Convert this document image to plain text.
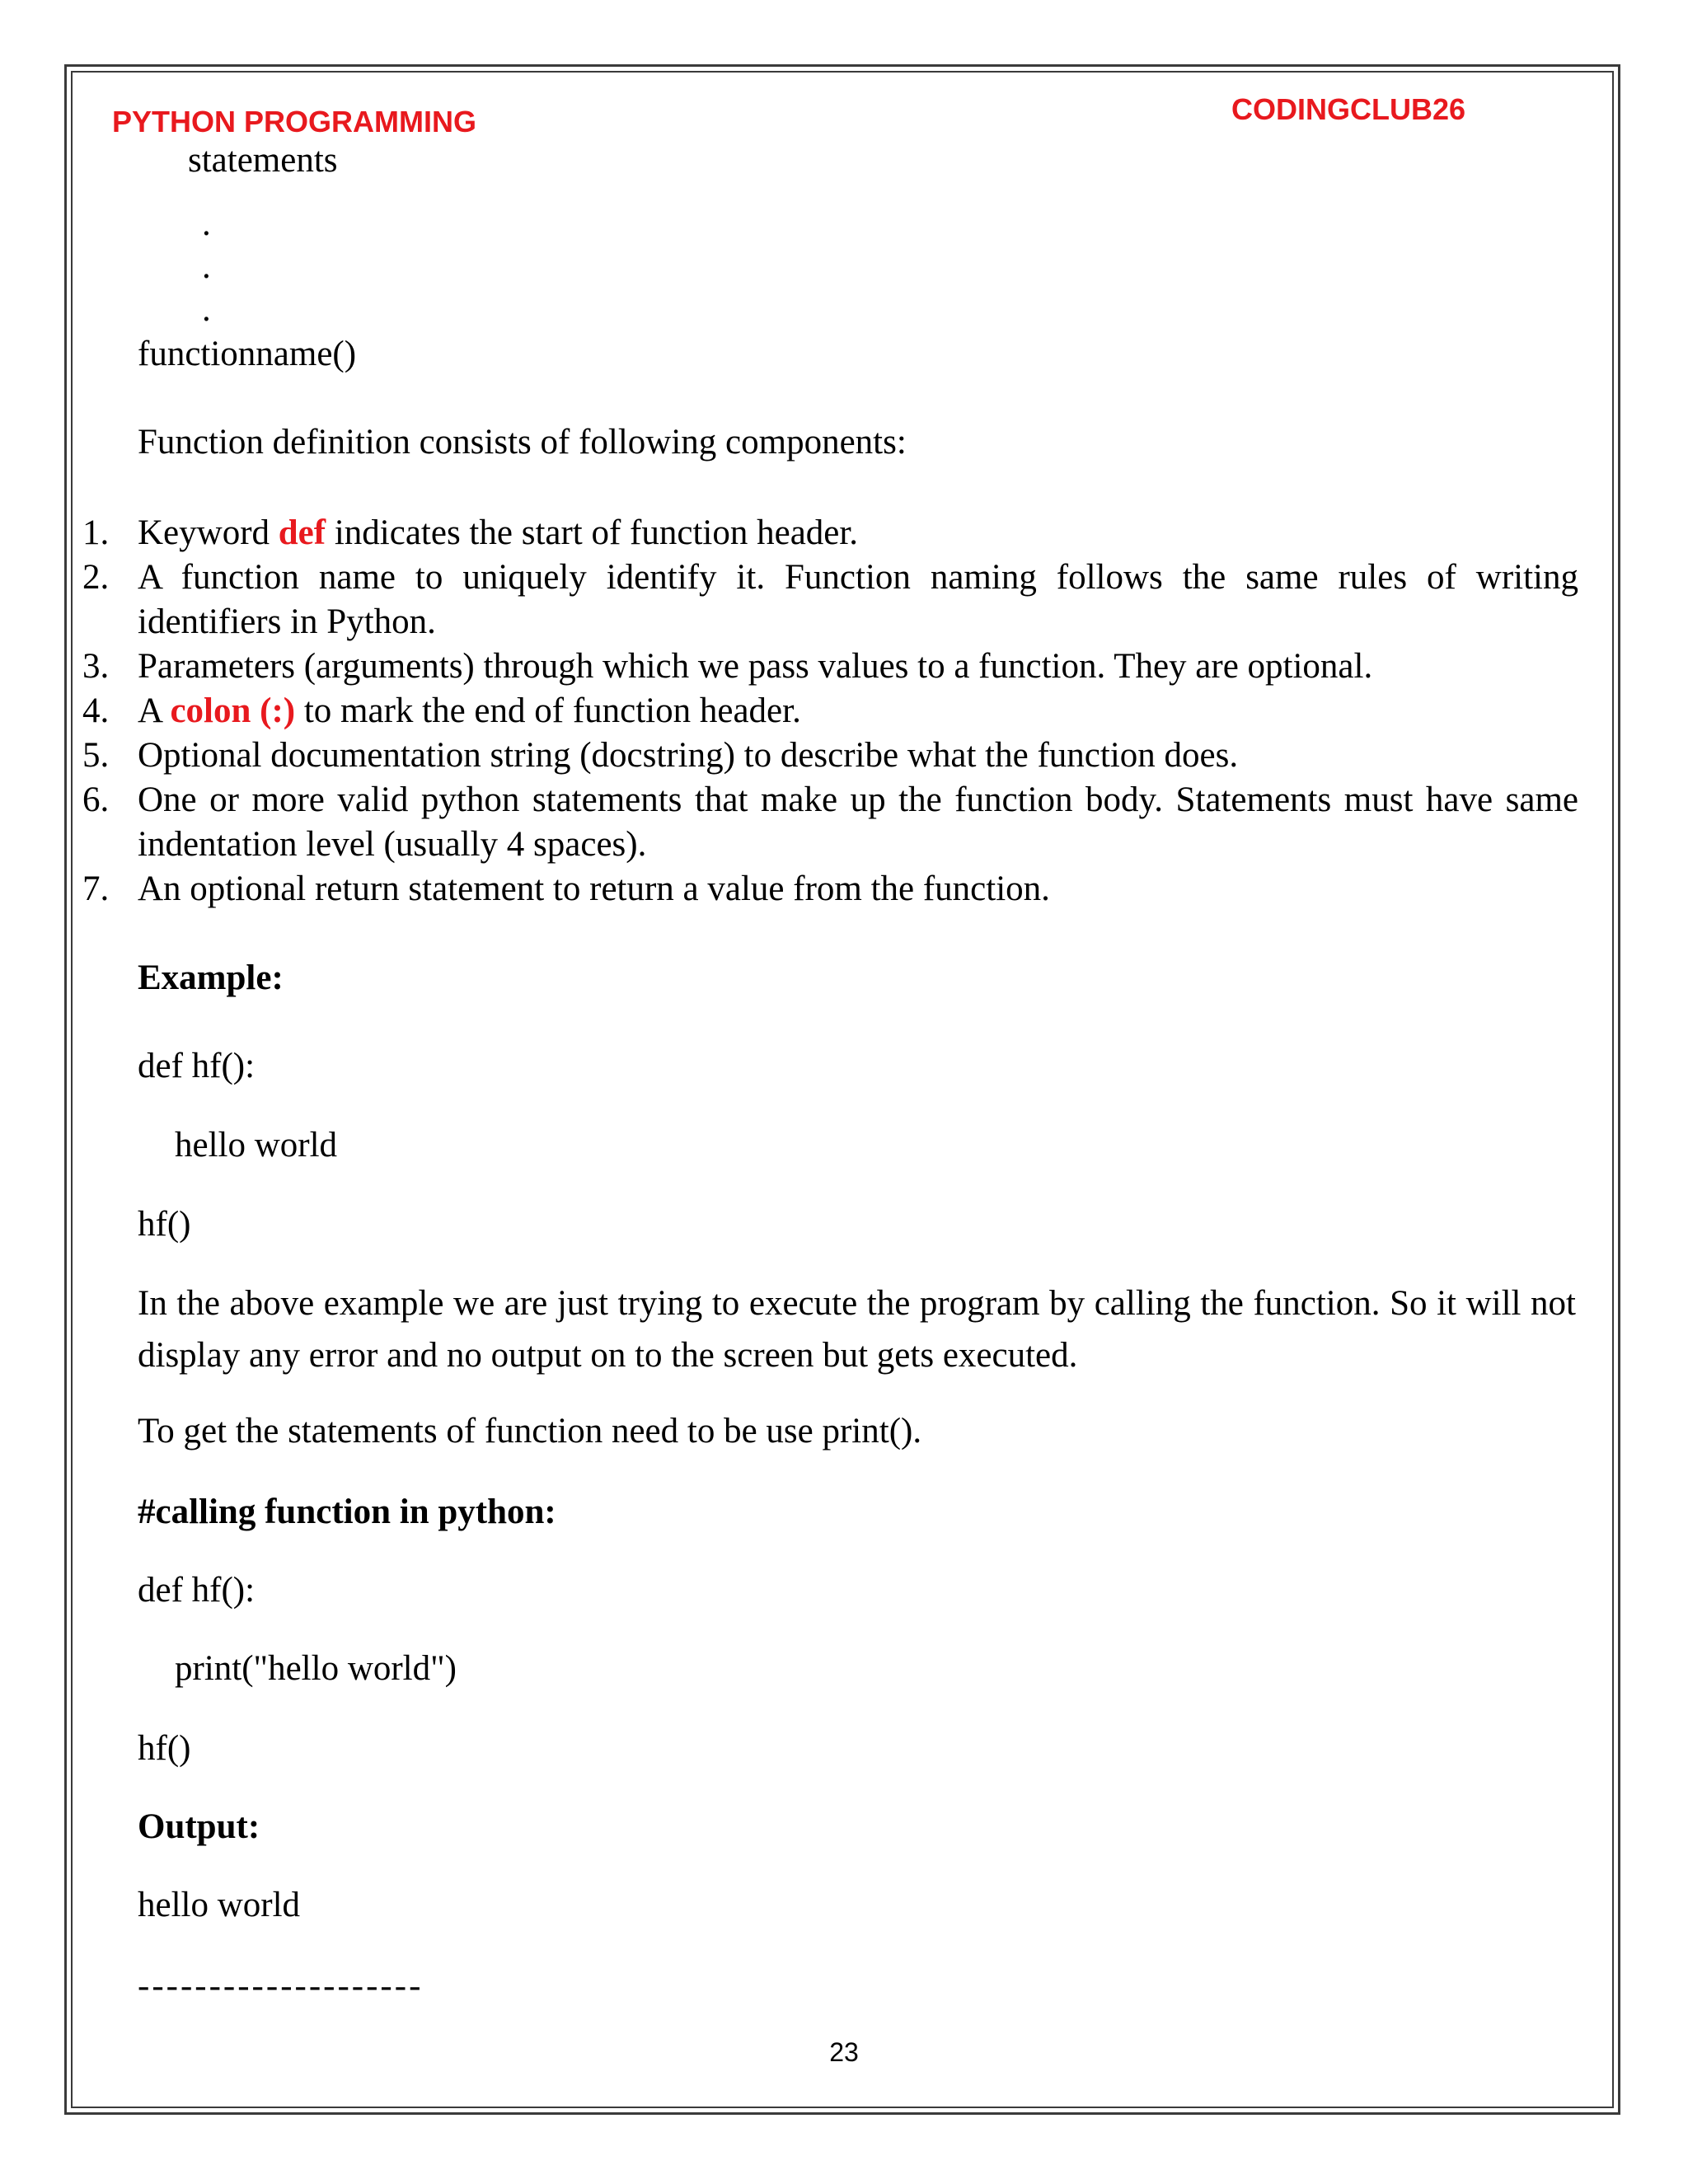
PYTHON PROGRAMMING	CODINGCLUB26
statements
.
.
.
functionname()
Function definition consists of following components:
1. Keyword def indicates the start of function header.
2. A function name to uniquely identify it. Function naming follows the same rules of writing identifiers in Python.
3. Parameters (arguments) through which we pass values to a function. They are optional.
4. A colon (:) to mark the end of function header.
5. Optional documentation string (docstring) to describe what the function does.
6. One or more valid python statements that make up the function body. Statements must have same indentation level (usually 4 spaces).
7. An optional return statement to return a value from the function.
Example:
def hf():
hello world
hf()
In the above example we are just trying to execute the program by calling the function. So it will not display any error and no output on to the screen but gets executed.
To get the statements of function need to be use print().
#calling function in python:
def hf():
print("hello world")
hf()
Output:
hello world
--------------------
23
